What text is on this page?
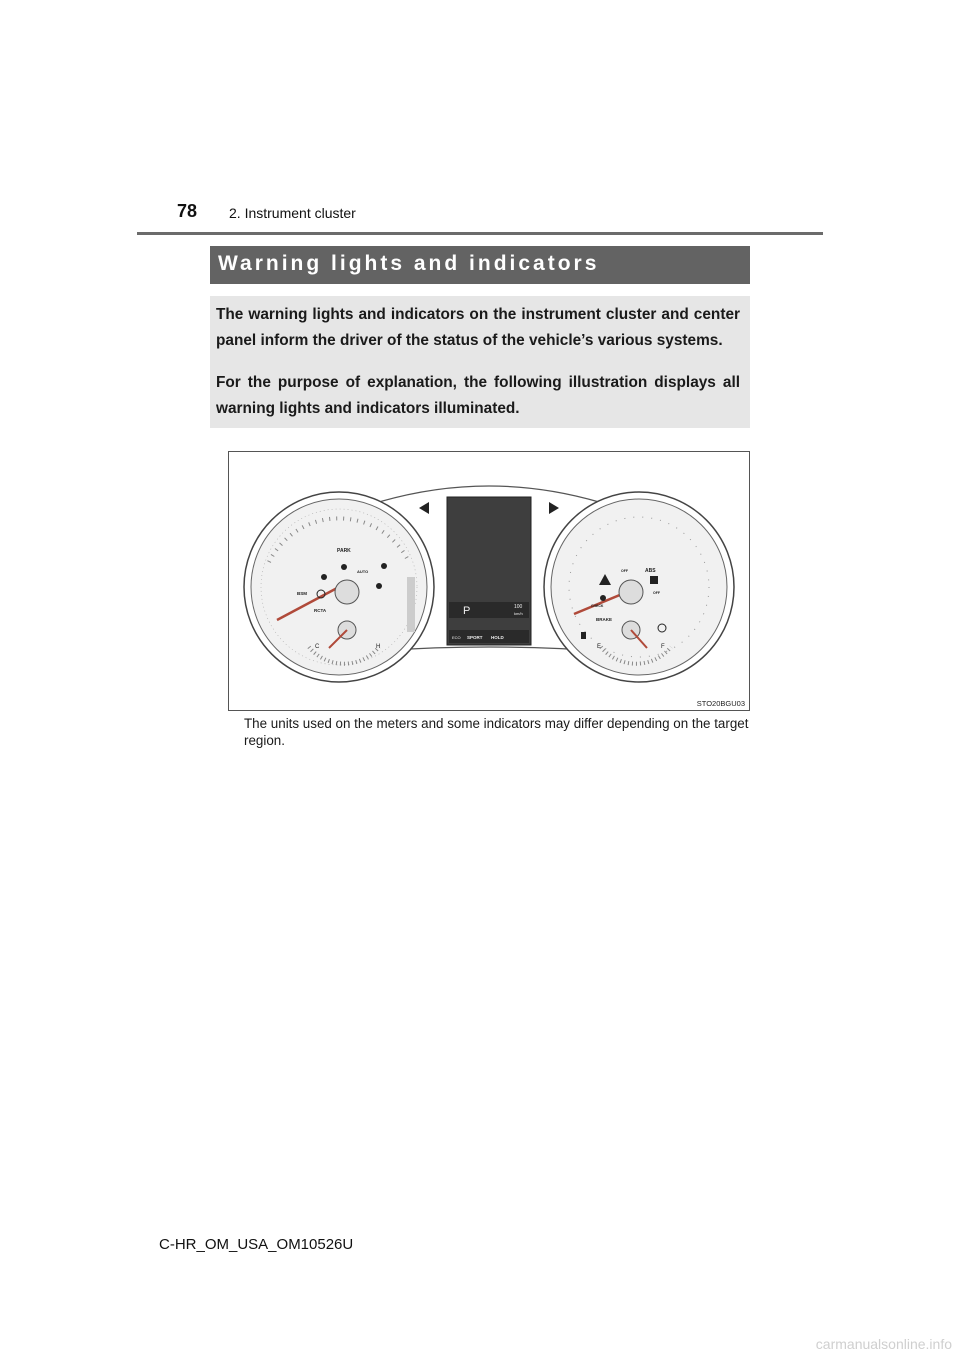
78 2. Instrument cluster
Warning lights and indicators

The warning lights and indicators on the instrument cluster and center panel inform the driver of the status of the vehicle’s various systems.

For the purpose of explanation, the following illustration displays all warning lights and indicators illuminated.

PARK
AUTO
BSM
RCTA
C	H
P	100
km/h
ECO SPORT HOLD
OFF	ABS
OFF
CHECK
BRAKE
E	F
STO20BGU03
The units used on the meters and some indicators may differ depending on the target region.
C-HR_OM_USA_OM10526U
carmanualsonline.info
